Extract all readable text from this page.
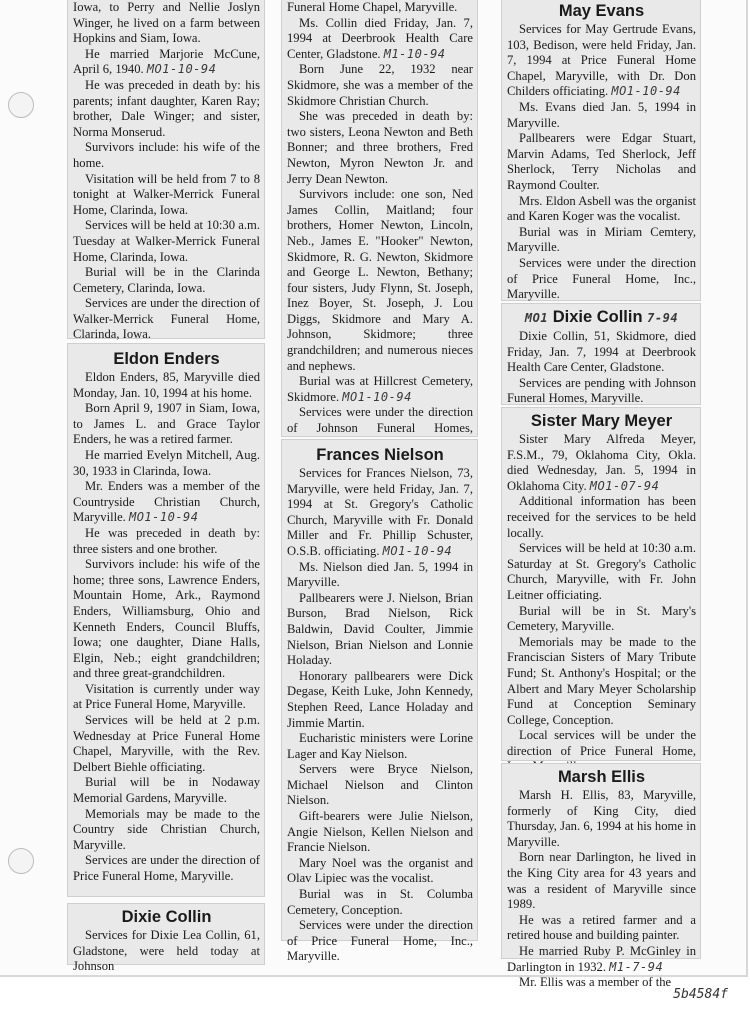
Iowa, to Perry and Nellie Joslyn Winger, he lived on a farm between Hopkins and Siam, Iowa.

He married Marjorie McCune, April 6, 1940. MO1-10-94

He was preceded in death by: his parents; infant daughter, Karen Ray; brother, Dale Winger; and sister, Norma Monserud.

Survivors include: his wife of the home.

Visitation will be held from 7 to 8 tonight at Walker-Merrick Funeral Home, Clarinda, Iowa.

Services will be held at 10:30 a.m. Tuesday at Walker-Merrick Funeral Home, Clarinda, Iowa.

Burial will be in the Clarinda Cemetery, Clarinda, Iowa.

Services are under the direction of Walker-Merrick Funeral Home, Clarinda, Iowa.

Eldon Enders

Eldon Enders, 85, Maryville died Monday, Jan. 10, 1994 at his home.

Born April 9, 1907 in Siam, Iowa, to James L. and Grace Taylor Enders, he was a retired farmer.

He married Evelyn Mitchell, Aug. 30, 1933 in Clarinda, Iowa.

Mr. Enders was a member of the Countryside Christian Church, Maryville. MO1-10-94

He was preceded in death by: three sisters and one brother.

Survivors include: his wife of the home; three sons, Lawrence Enders, Mountain Home, Ark., Raymond Enders, Williamsburg, Ohio and Kenneth Enders, Council Bluffs, Iowa; one daughter, Diane Halls, Elgin, Neb.; eight grandchildren; and three great-grandchildren.

Visitation is currently under way at Price Funeral Home, Maryville.

Services will be held at 2 p.m. Wednesday at Price Funeral Home Chapel, Maryville, with the Rev. Delbert Biehle officiating.

Burial will be in Nodaway Memorial Gardens, Maryville.

Memorials may be made to the Country side Christian Church, Maryville.

Services are under the direction of Price Funeral Home, Maryville.

Dixie Collin

Services for Dixie Lea Collin, 61, Gladstone, were held today at Johnson

Funeral Home Chapel, Maryville.

Ms. Collin died Friday, Jan. 7, 1994 at Deerbrook Health Care Center, Gladstone. M1-10-94

Born June 22, 1932 near Skidmore, she was a member of the Skidmore Christian Church.

She was preceded in death by: two sisters, Leona Newton and Beth Bonner; and three brothers, Fred Newton, Myron Newton Jr. and Jerry Dean Newton.

Survivors include: one son, Ned James Collin, Maitland; four brothers, Homer Newton, Lincoln, Neb., James E. "Hooker" Newton, Skidmore, R. G. Newton, Skidmore and George L. Newton, Bethany; four sisters, Judy Flynn, St. Joseph, Inez Boyer, St. Joseph, J. Lou Diggs, Skidmore and Mary A. Johnson, Skidmore; three grandchildren; and numerous nieces and nephews.

Burial was at Hillcrest Cemetery, Skidmore. MO1-10-94

Services were under the direction of Johnson Funeral Homes,

Frances Nielson

Services for Frances Nielson, 73, Maryville, were held Friday, Jan. 7, 1994 at St. Gregory's Catholic Church, Maryville with Fr. Donald Miller and Fr. Phillip Schuster, O.S.B. officiating. MO1-10-94

Ms. Nielson died Jan. 5, 1994 in Maryville.

Pallbearers were J. Nielson, Brian Burson, Brad Nielson, Rick Baldwin, David Coulter, Jimmie Nielson, Brian Nielson and Lonnie Holaday.

Honorary pallbearers were Dick Degase, Keith Luke, John Kennedy, Stephen Reed, Lance Holaday and Jimmie Martin.

Eucharistic ministers were Lorine Lager and Kay Nielson.

Servers were Bryce Nielson, Michael Nielson and Clinton Nielson.

Gift-bearers were Julie Nielson, Angie Nielson, Kellen Nielson and Francie Nielson.

Mary Noel was the organist and Olav Lipiec was the vocalist.

Burial was in St. Columba Cemetery, Conception.

Services were under the direction of Price Funeral Home, Inc., Maryville.

May Evans

Services for May Gertrude Evans, 103, Bedison, were held Friday, Jan. 7, 1994 at Price Funeral Home Chapel, Maryville, with Dr. Don Childers officiating. MO1-10-94

Ms. Evans died Jan. 5, 1994 in Maryville.

Pallbearers were Edgar Stuart, Marvin Adams, Ted Sherlock, Jeff Sherlock, Terry Nicholas and Raymond Coulter.

Mrs. Eldon Asbell was the organist and Karen Koger was the vocalist.

Burial was in Miriam Cemtery, Maryville.

Services were under the direction of Price Funeral Home, Inc., Maryville.

MO1 Dixie Collin 7-94

Dixie Collin, 51, Skidmore, died Friday, Jan. 7, 1994 at Deerbrook Health Care Center, Gladstone.

Services are pending with Johnson Funeral Homes, Maryville.

Sister Mary Meyer

Sister Mary Alfreda Meyer, F.S.M., 79, Oklahoma City, Okla. died Wednesday, Jan. 5, 1994 in Oklahoma City. MO1-07-94

Additional information has been received for the services to be held locally.

Services will be held at 10:30 a.m. Saturday at St. Gregory's Catholic Church, Maryville, with Fr. John Leitner officiating.

Burial will be in St. Mary's Cemetery, Maryville.

Memorials may be made to the Franciscian Sisters of Mary Tribute Fund; St. Anthony's Hospital; or the Albert and Mary Meyer Scholarship Fund at Conception Seminary College, Conception.

Local services will be under the direction of Price Funeral Home,

Marsh Ellis

Marsh H. Ellis, 83, Maryville, formerly of King City, died Thursday, Jan. 6, 1994 at his home in Maryville.

Born near Darlington, he lived in the King City area for 43 years and was a resident of Maryville since 1989.

He was a retired farmer and a retired house and building painter.

He married Ruby P. McGinley in Darlington in 1932. M1-7-94

Mr. Ellis was a member of the

5b4584f
